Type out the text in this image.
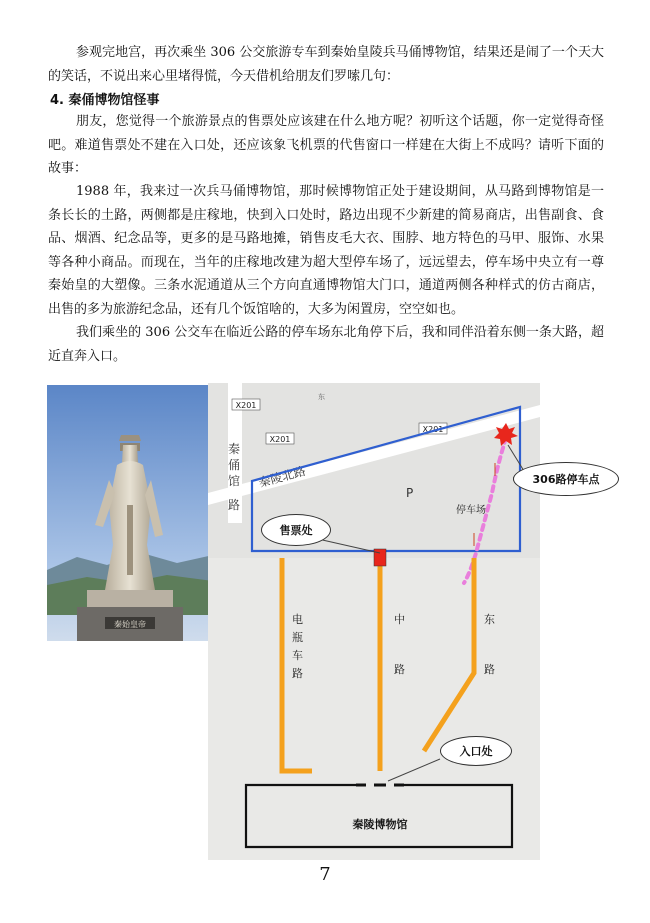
参观完地宫，再次乘坐 306 公交旅游专车到秦始皇陵兵马俑博物馆，结果还是闹了一个天大的笑话，不说出来心里堵得慌，今天借机给朋友们罗嗦几句：

4. 秦俑博物馆怪事

朋友，您觉得一个旅游景点的售票处应该建在什么地方呢？初听这个话题，你一定觉得奇怪吧。难道售票处不建在入口处，还应该象飞机票的代售窗口一样建在大街上不成吗？请听下面的故事：

1988 年，我来过一次兵马俑博物馆，那时候博物馆正处于建设期间，从马路到博物馆是一条长长的土路，两侧都是庄稼地，快到入口处时，路边出现不少新建的简易商店，出售副食、食品、烟酒、纪念品等，更多的是马路地摊，销售皮毛大衣、围脖、地方特色的马甲、服饰、水果等各种小商品。而现在，当年的庄稼地改建为超大型停车场了，远远望去，停车场中央立有一尊秦始皇的大塑像。三条水泥通道从三个方向直通博物馆大门口，通道两侧各种样式的仿古商店，出售的多为旅游纪念品，还有几个饭馆啥的，大多为闲置房，空空如也。

我们乘坐的 306 公交车在临近公路的停车场东北角停下后，我和同伴沿着东侧一条大路，超近直奔入口。

秦始皇帝
X201
X201
X201
东
秦
俑
馆
路
秦陵北路
P
停车场
电
瓶
车
路
中
路
东
路
秦陵博物馆
售票处
入口处
306路停车点
7
